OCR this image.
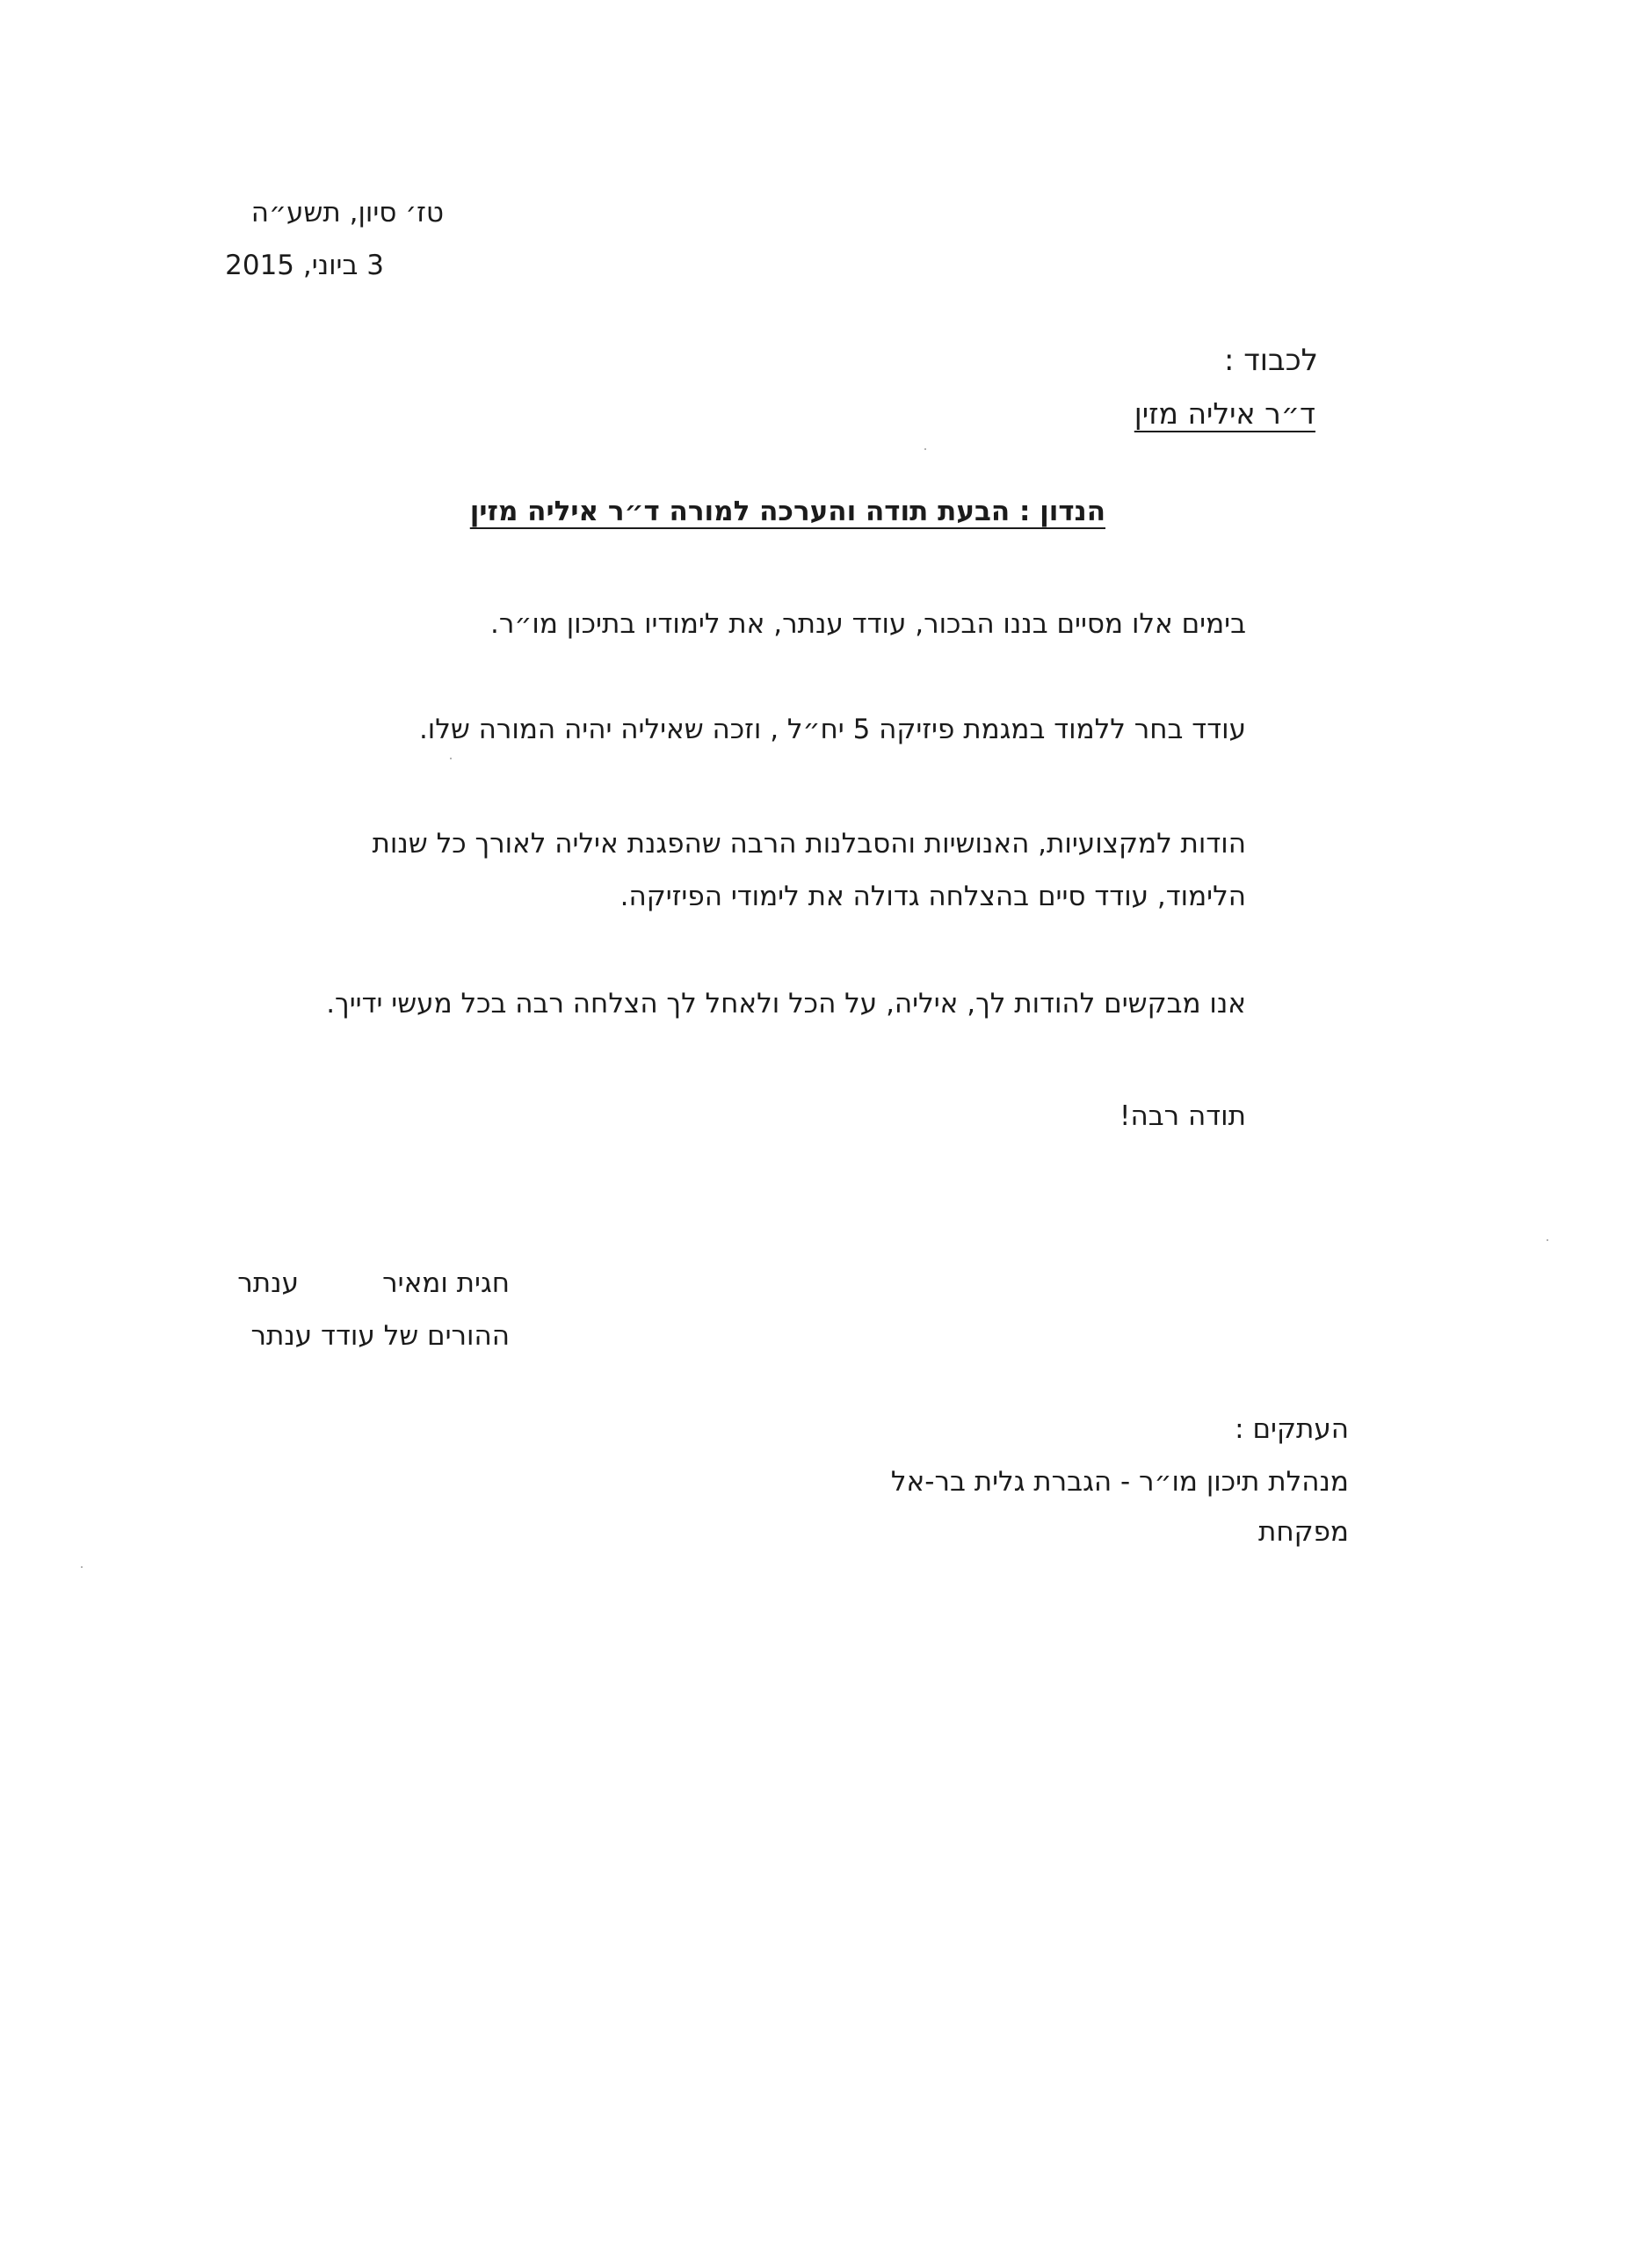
טז׳ סיון, תשע״ה
3 ביוני, 2015
לכבוד :
ד״ר איליה מזין
הנדון : הבעת תודה והערכה למורה ד״ר איליה מזין
בימים אלו מסיים בננו הבכור, עודד ענתר, את לימודיו בתיכון מו״ר.
עודד בחר ללמוד במגמת פיזיקה 5 יח״ל , וזכה שאיליה יהיה המורה שלו.
הודות למקצועיות, האנושיות והסבלנות הרבה שהפגנת איליה לאורך כל שנות
הלימוד, עודד סיים בהצלחה גדולה את לימודי הפיזיקה.
אנו מבקשים להודות לך, איליה, על הכל ולאחל לך הצלחה רבה בכל מעשי ידייך.
תודה רבה!
חגית ומאיר
ענתר
ההורים של עודד ענתר
העתקים :
מנהלת תיכון מו״ר - הגברת גלית בר-אל
מפקחת
